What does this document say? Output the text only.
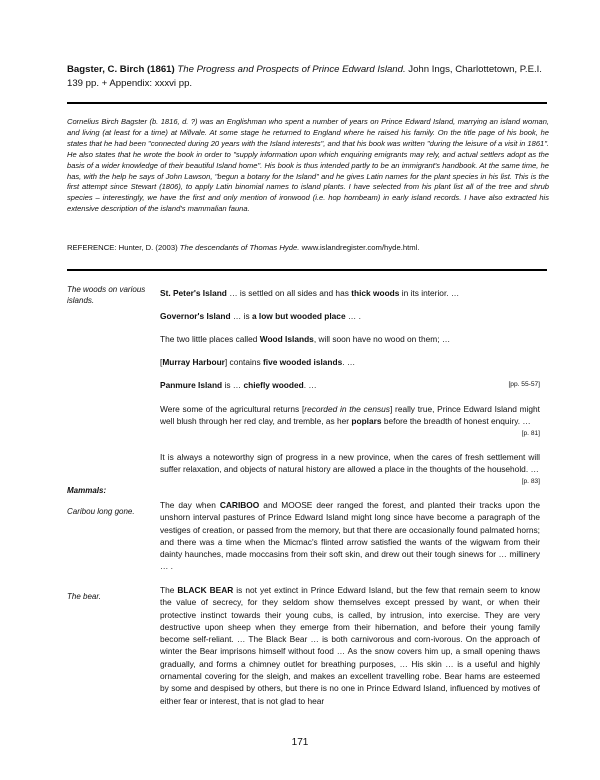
Bagster, C. Birch (1861) The Progress and Prospects of Prince Edward Island. John Ings, Charlottetown, P.E.I. 139 pp. + Appendix: xxxvi pp.
Cornelius Birch Bagster (b. 1816, d. ?) was an Englishman who spent a number of years on Prince Edward Island, marrying an island woman, and living (at least for a time) at Millvale. At some stage he returned to England where he raised his family. On the title page of his book, he states that he had been "connected during 20 years with the Island interests", and that his book was written "during the leisure of a visit in 1861". He also states that he wrote the book in order to "supply information upon which enquiring emigrants may rely, and actual settlers adopt as the basis of a wider knowledge of their beautiful Island home". His book is thus intended partly to be an immigrant's handbook. At the same time, he has, with the help he says of John Lawson, "begun a botany for the Island" and he gives Latin names for the plant species in his list. This is the first attempt since Stewart (1806), to apply Latin binomial names to island plants. I have selected from his plant list all of the tree and shrub species – interestingly, we have the first and only mention of ironwood (i.e. hop hornbeam) in early island records. I have also extracted his extensive description of the island's mammalian fauna.
REFERENCE: Hunter, D. (2003) The descendants of Thomas Hyde. www.islandregister.com/hyde.html.
The woods on various islands.
Mammals:
Caribou long gone.
The bear.
St. Peter's Island … is settled on all sides and has thick woods in its interior. …
Governor's Island … is a low but wooded place … .
The two little places called Wood Islands, will soon have no wood on them; …
[Murray Harbour] contains five wooded islands. …
[pp. 55-57]
Panmure Island is … chiefly wooded. …
Were some of the agricultural returns [recorded in the census] really true, Prince Edward Island might well blush through her red clay, and tremble, as her poplars before the breadth of honest enquiry. …
[p. 81]
It is always a noteworthy sign of progress in a new province, when the cares of fresh settlement will suffer relaxation, and objects of natural history are allowed a place in the thoughts of the household. …
[p. 83]
The day when CARIBOO and MOOSE deer ranged the forest, and planted their tracks upon the unshorn interval pastures of Prince Edward Island might long since have become a paragraph of the vestiges of creation, or passed from the memory, but that there are occasionally found palmated horns; and there was a time when the Micmac's flinted arrow satisfied the wants of the wigwam from their dainty haunches, made moccasins from their soft skin, and drew out their tough sinews for … millinery … .
The BLACK BEAR is not yet extinct in Prince Edward Island, but the few that remain seem to know the value of secrecy, for they seldom show themselves except pressed by want, or when their protective instinct towards their young cubs, is called, by intrusion, into exercise. They are very destructive upon sheep when they emerge from their hibernation, and before their young family become self-reliant. … The Black Bear … is both carnivorous and corn-ivorous. On the approach of winter the Bear imprisons himself without food … As the snow covers him up, a small opening thaws gradually, and forms a chimney outlet for breathing purposes, … His skin … is a useful and highly ornamental covering for the sleigh, and makes an excellent travelling robe. Bear hams are esteemed by some and despised by others, but there is no one in Prince Edward Island, influenced by motives of either fear or interest, that is not glad to hear
171
